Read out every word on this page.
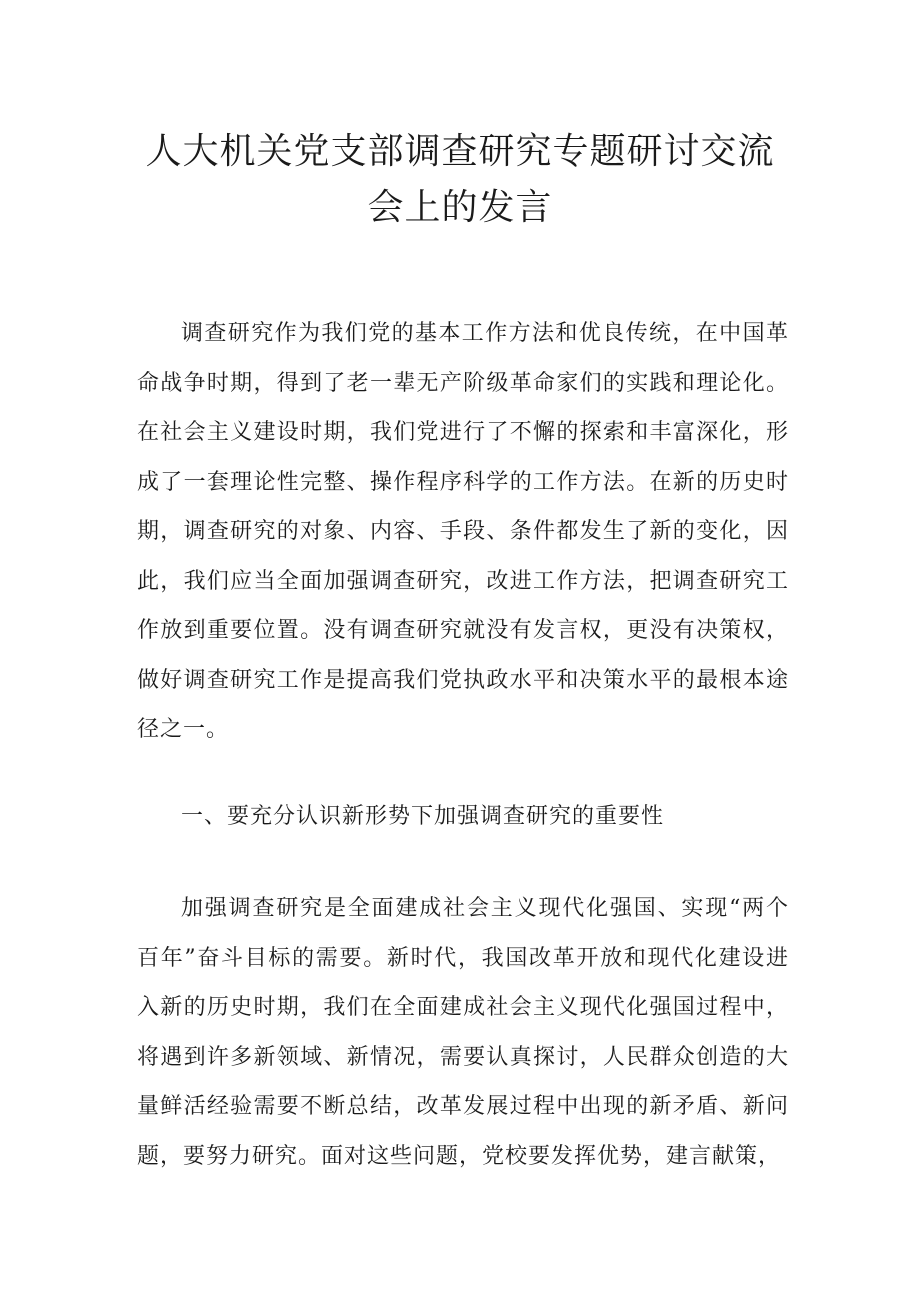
人大机关党支部调查研究专题研讨交流会上的发言

调查研究作为我们党的基本工作方法和优良传统，在中国革命战争时期，得到了老一辈无产阶级革命家们的实践和理论化。在社会主义建设时期，我们党进行了不懈的探索和丰富深化，形成了一套理论性完整、操作程序科学的工作方法。在新的历史时期，调查研究的对象、内容、手段、条件都发生了新的变化，因此，我们应当全面加强调查研究，改进工作方法，把调查研究工作放到重要位置。没有调查研究就没有发言权，更没有决策权，做好调查研究工作是提高我们党执政水平和决策水平的最根本途径之一。

一、要充分认识新形势下加强调查研究的重要性

加强调查研究是全面建成社会主义现代化强国、实现“两个百年”奋斗目标的需要。新时代，我国改革开放和现代化建设进入新的历史时期，我们在全面建成社会主义现代化强国过程中，将遇到许多新领域、新情况，需要认真探讨，人民群众创造的大量鲜活经验需要不断总结，改革发展过程中出现的新矛盾、新问题，要努力研究。面对这些问题，党校要发挥优势，建言献策，
